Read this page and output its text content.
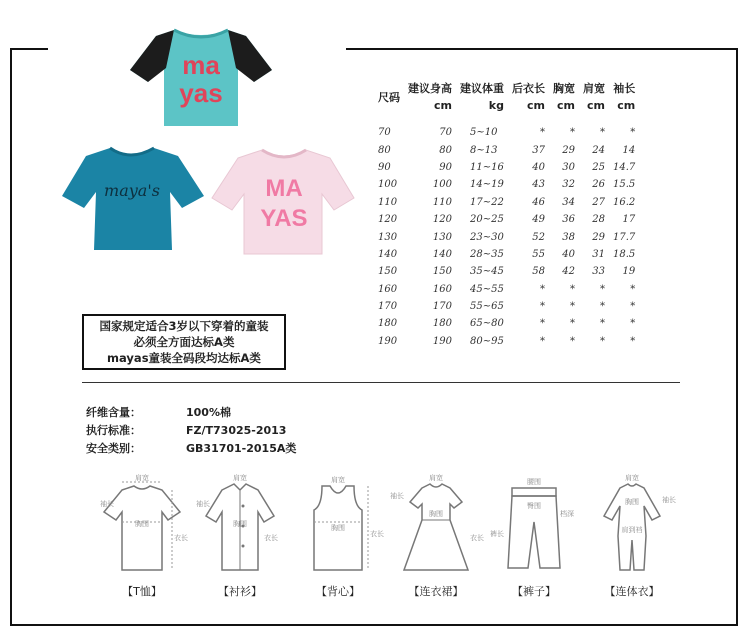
ma
yas
maya's	MA
YAS
国家规定适合3岁以下穿着的童装
必须全方面达标A类
mayas童装全码段均达标A类
尺码	建议身高	建议体重	后衣长	胸宽	肩宽	袖长
	cm	kg	cm	cm	cm	cm

70	70	5~10	*	*	*	*
80	80	8~13	37	29	24	14
90	90	11~16	40	30	25	14.7
100	100	14~19	43	32	26	15.5
110	110	17~22	46	34	27	16.2
120	120	20~25	49	36	28	17
130	130	23~30	52	38	29	17.7
140	140	28~35	55	40	31	18.5
150	150	35~45	58	42	33	19
160	160	45~55	*	*	*	*
170	170	55~65	*	*	*	*
180	180	65~80	*	*	*	*
190	190	80~95	*	*	*	*
纤维含量：	100%棉
执行标准：	FZ/T73025-2013
安全类别：	GB31701-2015A类
肩宽
胸围
袖长
衣长
【T恤】
肩宽
胸围
袖长
衣长
【衬衫】
肩宽
胸围
衣长
【背心】
肩宽
胸围
袖长
衣长
【连衣裙】
腰围
臀围
裤长
档深
【裤子】
肩宽
胸围	袖长
肩到裆
【连体衣】
